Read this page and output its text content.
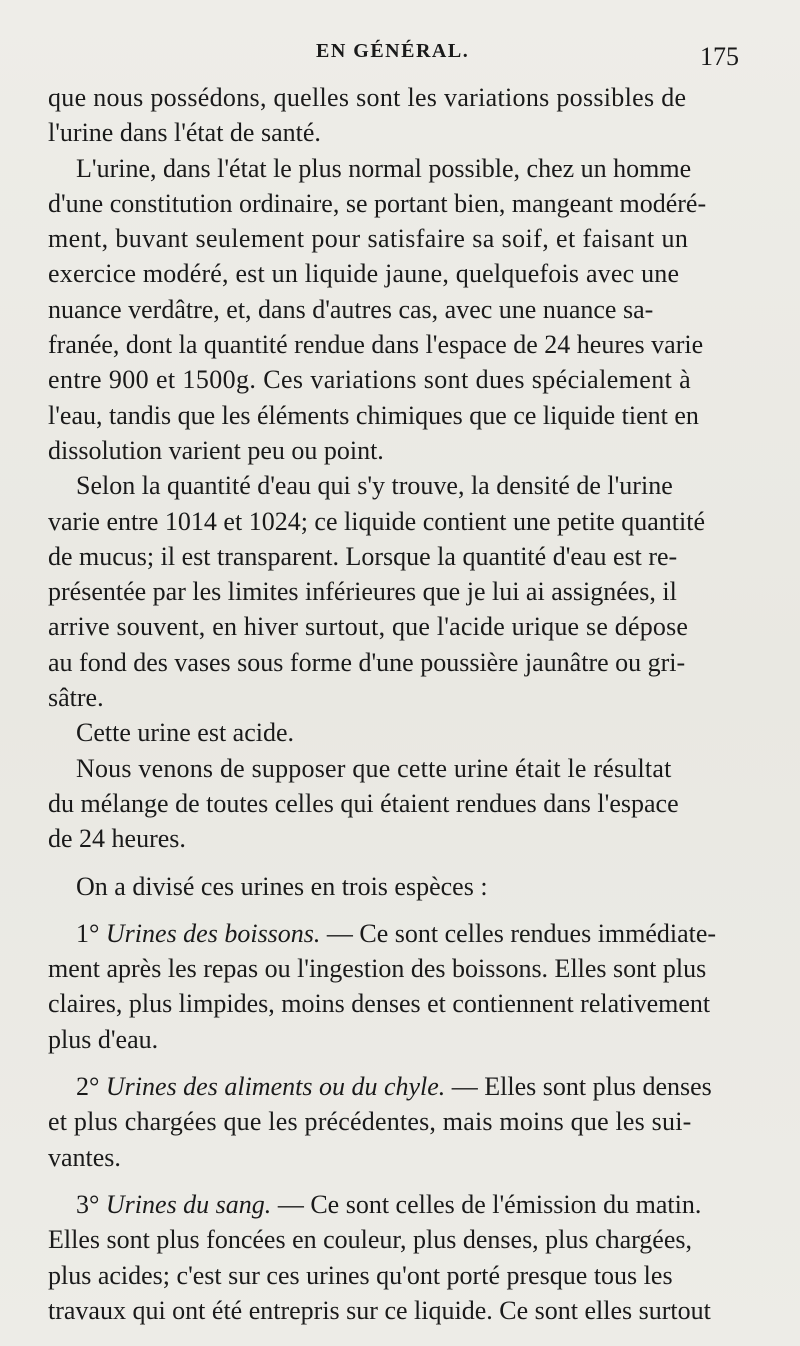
EN GÉNÉRAL.	175
que nous possédons, quelles sont les variations possibles de
l'urine dans l'état de santé.
L'urine, dans l'état le plus normal possible, chez un homme
d'une constitution ordinaire, se portant bien, mangeant modéré-
ment, buvant seulement pour satisfaire sa soif, et faisant un
exercice modéré, est un liquide jaune, quelquefois avec une
nuance verdâtre, et, dans d'autres cas, avec une nuance sa-
franée, dont la quantité rendue dans l'espace de 24 heures varie
entre 900 et 1500g. Ces variations sont dues spécialement à
l'eau, tandis que les éléments chimiques que ce liquide tient en
dissolution varient peu ou point.
Selon la quantité d'eau qui s'y trouve, la densité de l'urine
varie entre 1014 et 1024; ce liquide contient une petite quantité
de mucus; il est transparent. Lorsque la quantité d'eau est re-
présentée par les limites inférieures que je lui ai assignées, il
arrive souvent, en hiver surtout, que l'acide urique se dépose
au fond des vases sous forme d'une poussière jaunâtre ou gri-
sâtre.
Cette urine est acide.
Nous venons de supposer que cette urine était le résultat
du mélange de toutes celles qui étaient rendues dans l'espace
de 24 heures.
On a divisé ces urines en trois espèces :
1° Urines des boissons. — Ce sont celles rendues immédiate-
ment après les repas ou l'ingestion des boissons. Elles sont plus
claires, plus limpides, moins denses et contiennent relativement
plus d'eau.
2° Urines des aliments ou du chyle. — Elles sont plus denses
et plus chargées que les précédentes, mais moins que les sui-
vantes.
3° Urines du sang. — Ce sont celles de l'émission du matin.
Elles sont plus foncées en couleur, plus denses, plus chargées,
plus acides; c'est sur ces urines qu'ont porté presque tous les
travaux qui ont été entrepris sur ce liquide. Ce sont elles surtout
